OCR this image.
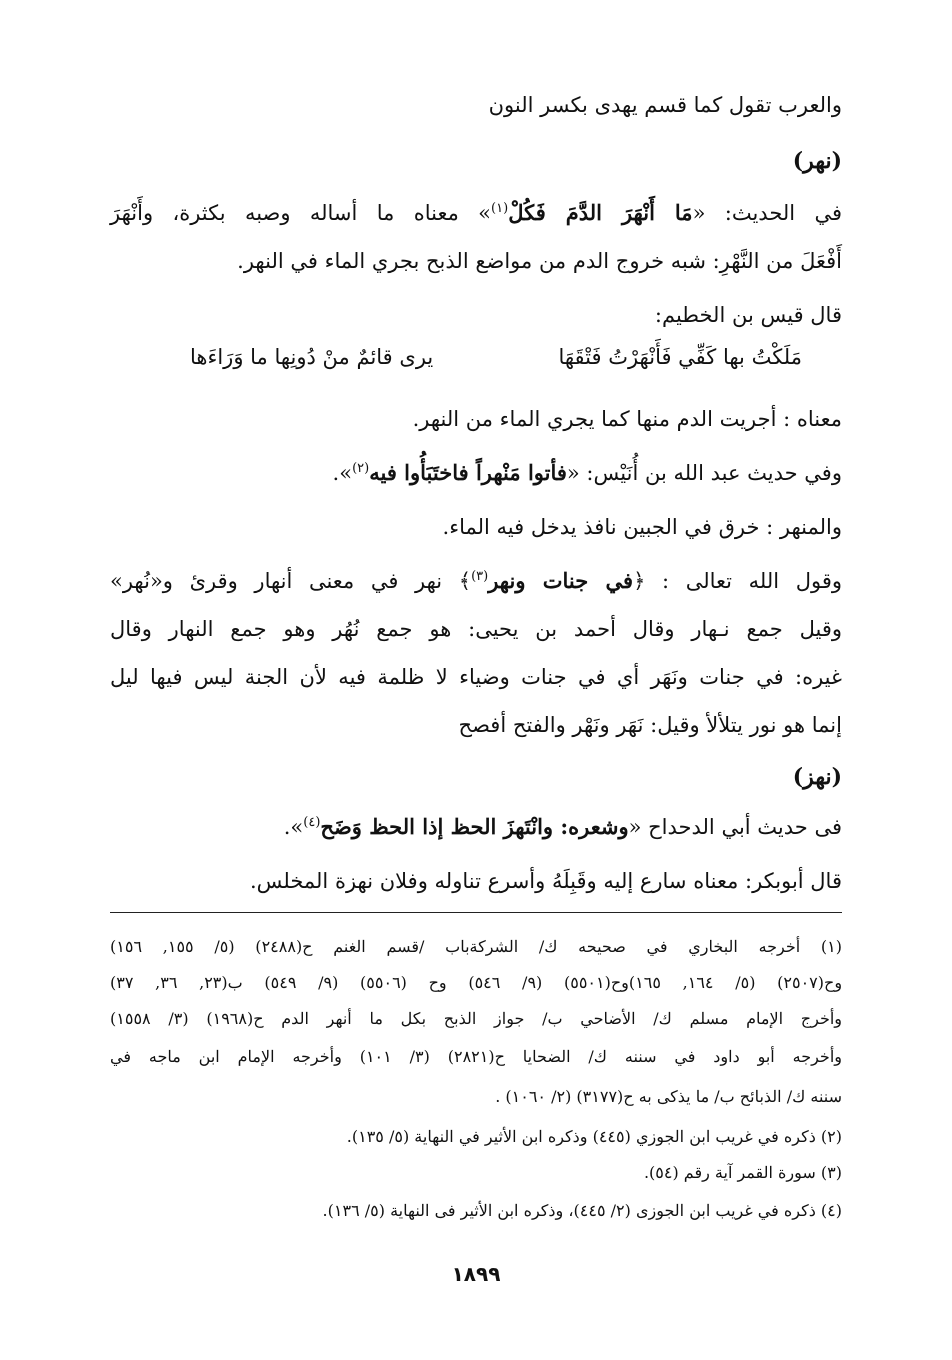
والعرب تقول كما قسم يهدى بكسر النون
(نهر)
في الحديث: «مَا أَنْهَرَ الدَّمَ فَكُلْ$^{(١)}$» معناه ما أساله وصبه بكثرة، وأَنْهَرَ
أَفْعَلَ من النَّهْرِ: شبه خروج الدم من مواضع الذبح بجري الماء في النهر.
قال قيس بن الخطيم:
مَلَكْتُ بها كَفِّي فَأَنْهَرْتُ فَتْقَهَا
يرى قائمٌ منْ دُونِها ما وَرَاءَها
معناه : أجريت الدم منها كما يجري الماء من النهر.
وفي حديث عبد الله بن أُنَيْس: «فأتوا مَنْهراً فاختَبَأُوا فيه$^{(٢)}$».
والمنهر : خرق في الجبين نافذ يدخل فيه الماء.
وقول الله تعالى : ﴿في جنات ونهر$^{(٣)}$﴾ نهر في معنى أنهار وقرئ و«نُهر»
وقيل جمع نـهار وقال أحمد بن يحيى: هو جمع نُهُر وهو جمع النهار وقال
غيره: في جنات ونَهَر أي في جنات وضياء لا ظلمة فيه لأن الجنة ليس فيها ليل
إنما هو نور يتلألأ وقيل: نَهَر ونَهْر والفتح أفصح
(نهز)
فى حديث أبي الدحداح «وشعره: وانْتَهزَ الحظ إذا الحظ وَضَح$^{(٤)}$».
قال أبوبكر: معناه سارع إليه وقَبِلَهُ وأسرع تناوله وفلان نهزة المخلس.
(١) أخرجه البخاري في صحيحه ك/ الشركةباب /قسم الغنم ح(٢٤٨٨) (٥/ ١٥٥, ١٥٦)
وح(٢٥٠٧) (٥/ ١٦٤, ١٦٥)وح(٥٥٠١) (٩/ ٥٤٦) وح (٥٥٠٦) (٩/ ٥٤٩) ب(٢٣, ٣٦, ٣٧)
وأخرج الإمام مسلم ك/ الأضاحي ب/ جواز الذبح بكل ما أنهر الدم ح(١٩٦٨) (٣/ ١٥٥٨)
وأخرجه أبو داود في سننه ك/ الضحايا ح(٢٨٢١) (٣/ ١٠١) وأخرجه الإمام ابن ماجه في
سننه ك/ الذبائح ب/ ما يذكى به ح(٣١٧٧) (٢/ ١٠٦٠) .
(٢) ذكره في غريب ابن الجوزي (٤٤٥) وذكره ابن الأثير في النهاية (٥/ ١٣٥).
(٣) سورة القمر آية رقم (٥٤).
(٤) ذكره في غريب ابن الجوزى (٢/ ٤٤٥)، وذكره ابن الأثير فى النهاية (٥/ ١٣٦).
١٨٩٩
